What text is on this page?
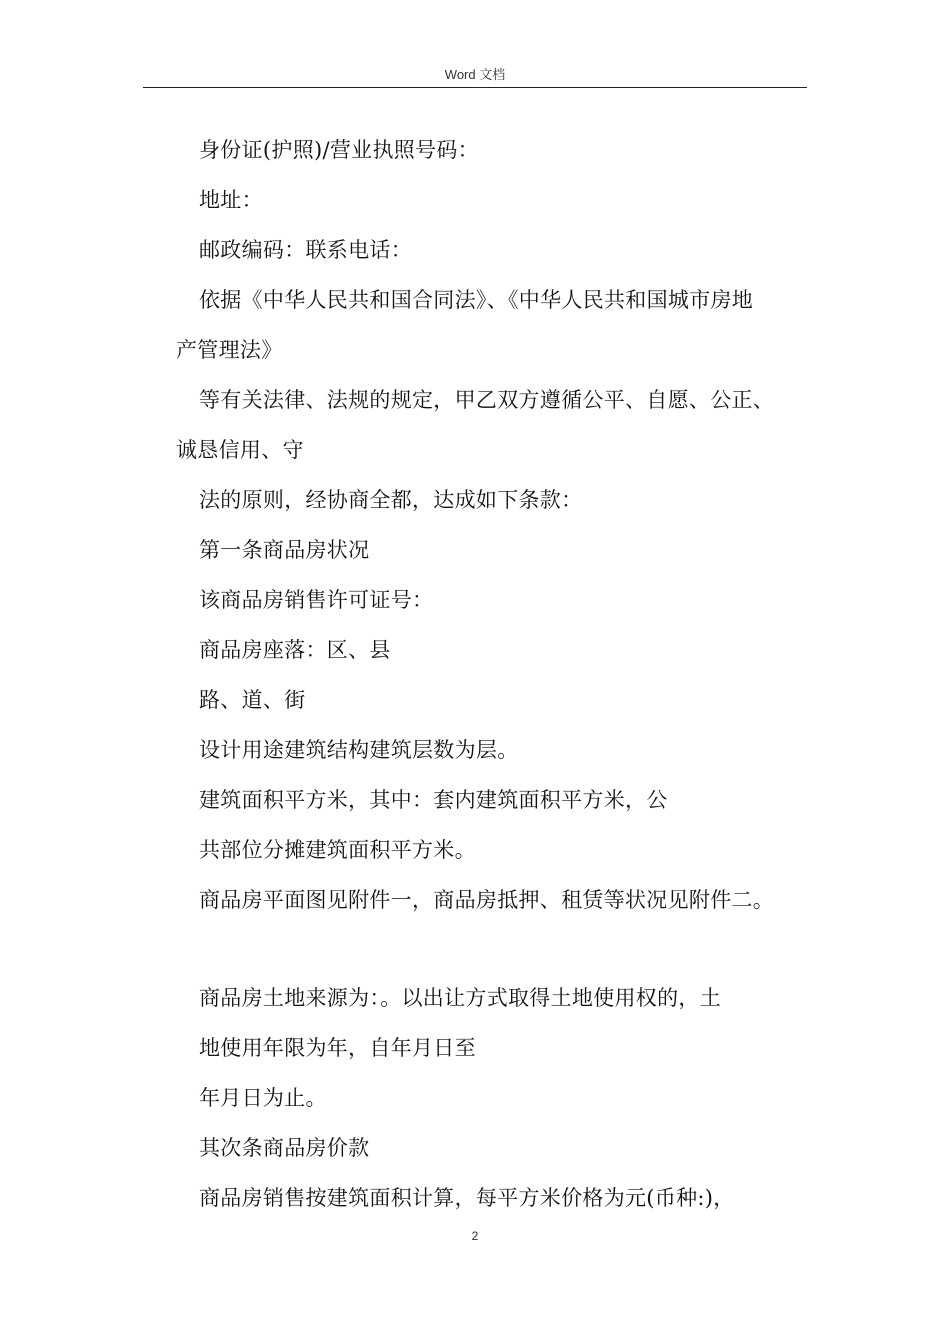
Word 文档
身份证(护照)/营业执照号码：
地址：
邮政编码：联系电话：
依据《中华人民共和国合同法》、《中华人民共和国城市房地
产管理法》
等有关法律、法规的规定，甲乙双方遵循公平、自愿、公正、
诚恳信用、守
法的原则，经协商全都，达成如下条款：
第一条商品房状况
该商品房销售许可证号：
商品房座落：区、县
路、道、街
设计用途建筑结构建筑层数为层。
建筑面积平方米，其中：套内建筑面积平方米，公
共部位分摊建筑面积平方米。
商品房平面图见附件一，商品房抵押、租赁等状况见附件二。
商品房土地来源为：。以出让方式取得土地使用权的，土
地使用年限为年，自年月日至
年月日为止。
其次条商品房价款
商品房销售按建筑面积计算，每平方米价格为元(币种:)，
2
